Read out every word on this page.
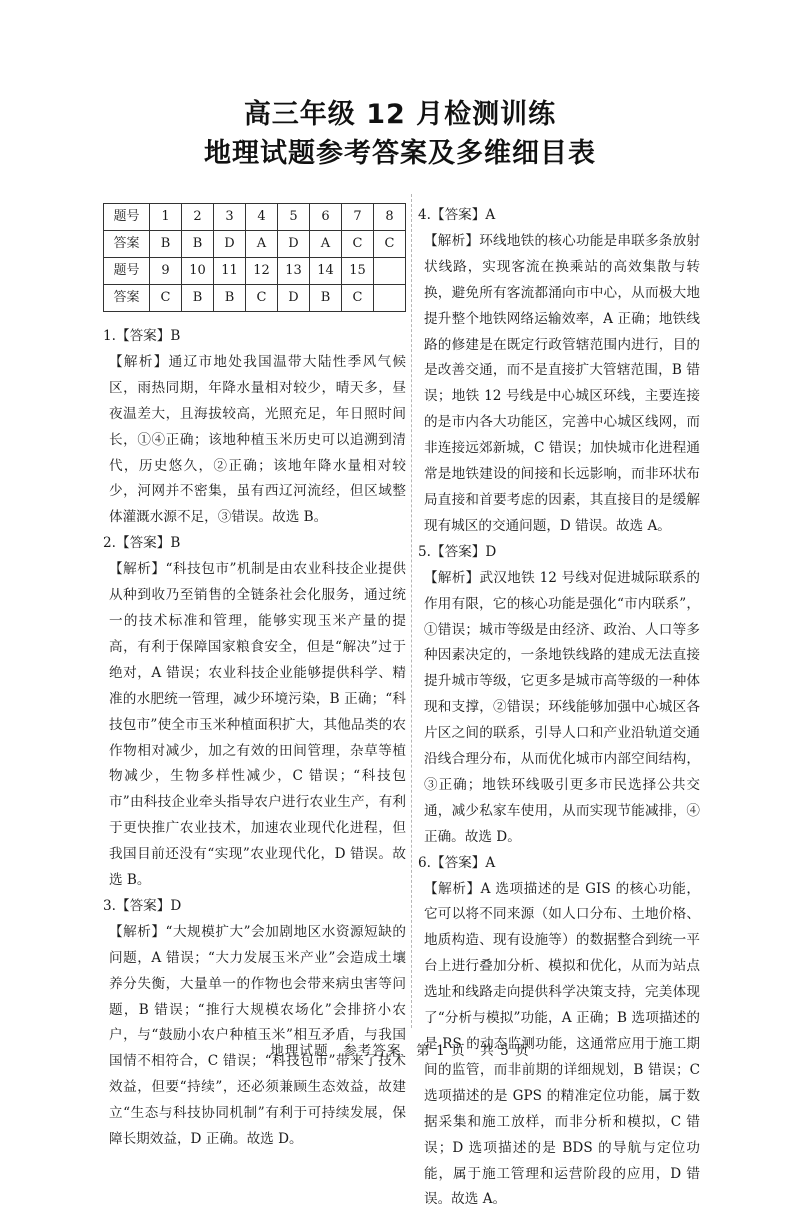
高三年级 12 月检测训练
地理试题参考答案及多维细目表
题号	1	2	3	4	5	6	7	8
答案	B	B	D	A	D	A	C	C
题号	9	10	11	12	13	14	15	
答案	C	B	B	C	D	B	C	
1.【答案】B
【解析】通辽市地处我国温带大陆性季风气候区，雨热同期，年降水量相对较少，晴天多，昼夜温差大，且海拔较高，光照充足，年日照时间长，①④正确；该地种植玉米历史可以追溯到清代，历史悠久，②正确；该地年降水量相对较少，河网并不密集，虽有西辽河流经，但区域整体灌溉水源不足，③错误。故选 B。
2.【答案】B
【解析】“科技包市”机制是由农业科技企业提供从种到收乃至销售的全链条社会化服务，通过统一的技术标准和管理，能够实现玉米产量的提高，有利于保障国家粮食安全，但是“解决”过于绝对，A 错误；农业科技企业能够提供科学、精准的水肥统一管理，减少环境污染，B 正确；“科技包市”使全市玉米种植面积扩大，其他品类的农作物相对减少，加之有效的田间管理，杂草等植物减少，生物多样性减少，C 错误；“科技包市”由科技企业牵头指导农户进行农业生产，有利于更快推广农业技术，加速农业现代化进程，但我国目前还没有“实现”农业现代化，D 错误。故选 B。
3.【答案】D
【解析】“大规模扩大”会加剧地区水资源短缺的问题，A 错误；“大力发展玉米产业”会造成土壤养分失衡，大量单一的作物也会带来病虫害等问题，B 错误；“推行大规模农场化”会排挤小农户，与“鼓励小农户种植玉米”相互矛盾，与我国国情不相符合，C 错误；“科技包市”带来了技术效益，但要“持续”，还必须兼顾生态效益，故建立“生态与科技协同机制”有利于可持续发展，保障长期效益，D 正确。故选 D。
4.【答案】A
【解析】环线地铁的核心功能是串联多条放射状线路，实现客流在换乘站的高效集散与转换，避免所有客流都涌向市中心，从而极大地提升整个地铁网络运输效率，A 正确；地铁线路的修建是在既定行政管辖范围内进行，目的是改善交通，而不是直接扩大管辖范围，B 错误；地铁 12 号线是中心城区环线，主要连接的是市内各大功能区，完善中心城区线网，而非连接远郊新城，C 错误；加快城市化进程通常是地铁建设的间接和长远影响，而非环状布局直接和首要考虑的因素，其直接目的是缓解现有城区的交通问题，D 错误。故选 A。
5.【答案】D
【解析】武汉地铁 12 号线对促进城际联系的作用有限，它的核心功能是强化“市内联系”，①错误；城市等级是由经济、政治、人口等多种因素决定的，一条地铁线路的建成无法直接提升城市等级，它更多是城市高等级的一种体现和支撑，②错误；环线能够加强中心城区各片区之间的联系，引导人口和产业沿轨道交通沿线合理分布，从而优化城市内部空间结构，③正确；地铁环线吸引更多市民选择公共交通，减少私家车使用，从而实现节能减排，④正确。故选 D。
6.【答案】A
【解析】A 选项描述的是 GIS 的核心功能，它可以将不同来源（如人口分布、土地价格、地质构造、现有设施等）的数据整合到统一平台上进行叠加分析、模拟和优化，从而为站点选址和线路走向提供科学决策支持，完美体现了“分析与模拟”功能，A 正确；B 选项描述的是 RS 的动态监测功能，这通常应用于施工期间的监管，而非前期的详细规划，B 错误；C 选项描述的是 GPS 的精准定位功能，属于数据采集和施工放样，而非分析和模拟，C 错误；D 选项描述的是 BDS 的导航与定位功能，属于施工管理和运营阶段的应用，D 错误。故选 A。
地理试题　参考答案　第 1 页　共 5 页
